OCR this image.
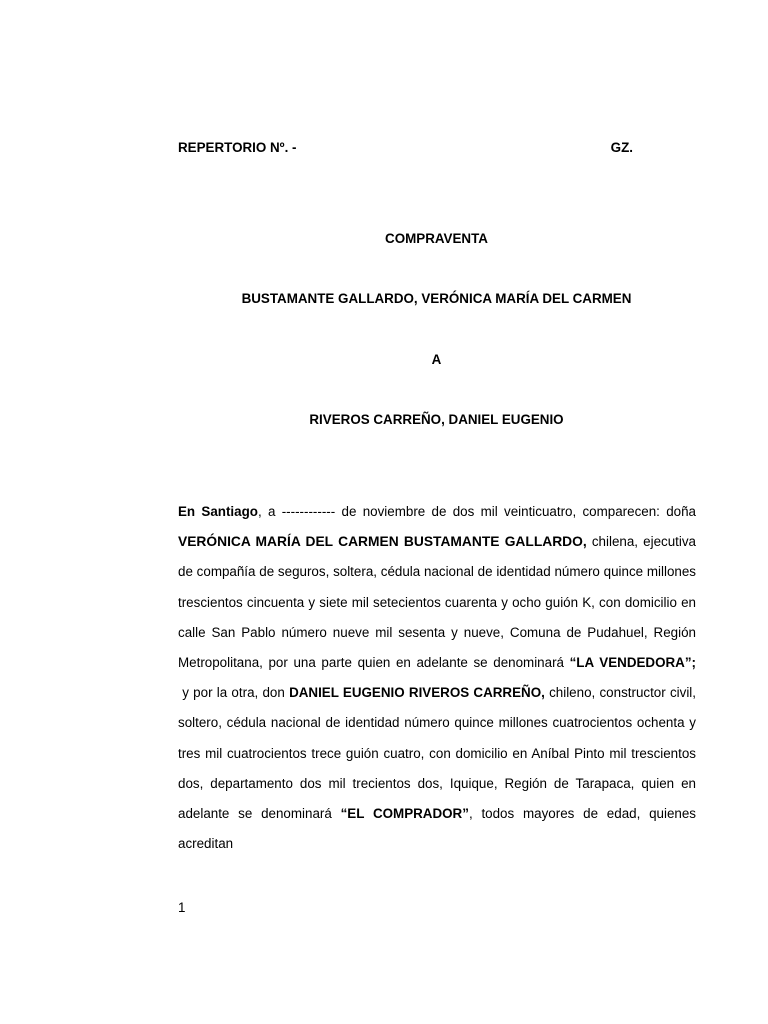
REPERTORIO Nº. -	GZ.
COMPRAVENTA
BUSTAMANTE GALLARDO, VERÓNICA MARÍA DEL CARMEN
A
RIVEROS CARREÑO, DANIEL EUGENIO

En Santiago, a ------------ de noviembre de dos mil veinticuatro, comparecen: doña VERÓNICA MARÍA DEL CARMEN BUSTAMANTE GALLARDO, chilena, ejecutiva de compañía de seguros, soltera, cédula nacional de identidad número quince millones trescientos cincuenta y siete mil setecientos cuarenta y ocho guión K, con domicilio en calle San Pablo número nueve mil sesenta y nueve, Comuna de Pudahuel, Región Metropolitana, por una parte quien en adelante se denominará “LA VENDEDORA”; y por la otra, don DANIEL EUGENIO RIVEROS CARREÑO, chileno, constructor civil, soltero, cédula nacional de identidad número quince millones cuatrocientos ochenta y tres mil cuatrocientos trece guión cuatro, con domicilio en Aníbal Pinto mil trescientos dos, departamento dos mil trecientos dos, Iquique, Región de Tarapaca, quien en adelante se denominará “EL COMPRADOR”, todos mayores de edad, quienes acreditan

1
